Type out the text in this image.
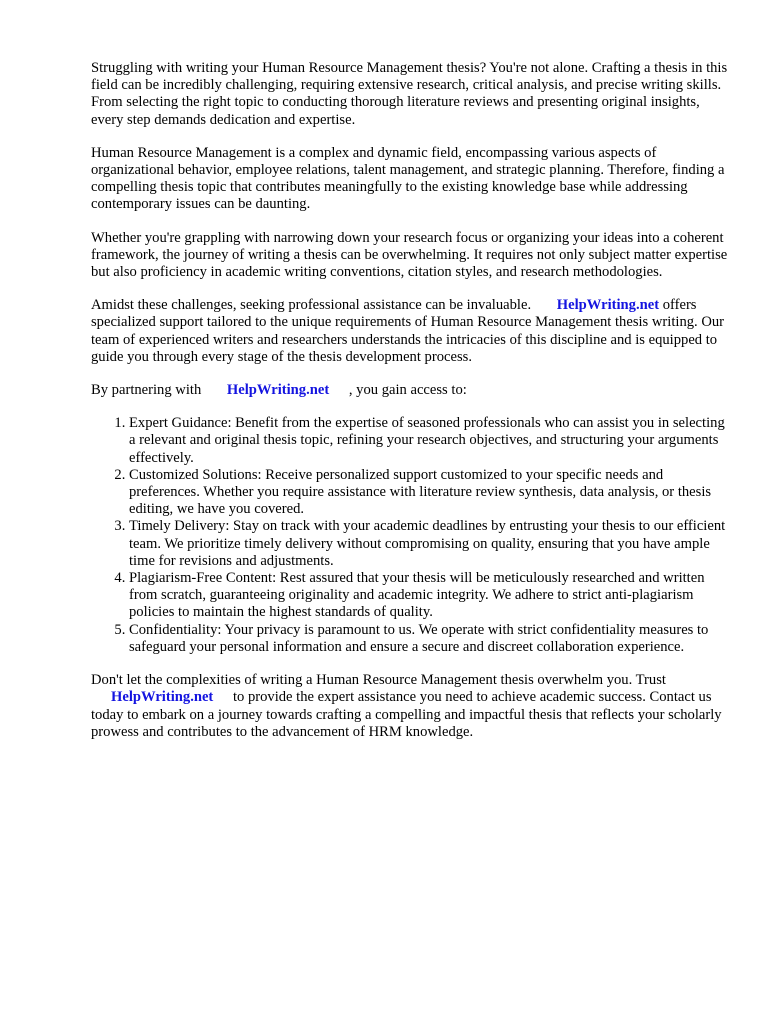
Struggling with writing your Human Resource Management thesis? You're not alone. Crafting a thesis in this field can be incredibly challenging, requiring extensive research, critical analysis, and precise writing skills. From selecting the right topic to conducting thorough literature reviews and presenting original insights, every step demands dedication and expertise.

Human Resource Management is a complex and dynamic field, encompassing various aspects of organizational behavior, employee relations, talent management, and strategic planning. Therefore, finding a compelling thesis topic that contributes meaningfully to the existing knowledge base while addressing contemporary issues can be daunting.

Whether you're grappling with narrowing down your research focus or organizing your ideas into a coherent framework, the journey of writing a thesis can be overwhelming. It requires not only subject matter expertise but also proficiency in academic writing conventions, citation styles, and research methodologies.

Amidst these challenges, seeking professional assistance can be invaluable. HelpWriting.net offers specialized support tailored to the unique requirements of Human Resource Management thesis writing. Our team of experienced writers and researchers understands the intricacies of this discipline and is equipped to guide you through every stage of the thesis development process.

By partnering with HelpWriting.net , you gain access to:

1. Expert Guidance: Benefit from the expertise of seasoned professionals who can assist you in selecting a relevant and original thesis topic, refining your research objectives, and structuring your arguments effectively.
2. Customized Solutions: Receive personalized support customized to your specific needs and preferences. Whether you require assistance with literature review synthesis, data analysis, or thesis editing, we have you covered.
3. Timely Delivery: Stay on track with your academic deadlines by entrusting your thesis to our efficient team. We prioritize timely delivery without compromising on quality, ensuring that you have ample time for revisions and adjustments.
4. Plagiarism-Free Content: Rest assured that your thesis will be meticulously researched and written from scratch, guaranteeing originality and academic integrity. We adhere to strict anti-plagiarism policies to maintain the highest standards of quality.
5. Confidentiality: Your privacy is paramount to us. We operate with strict confidentiality measures to safeguard your personal information and ensure a secure and discreet collaboration experience.

Don't let the complexities of writing a Human Resource Management thesis overwhelm you. Trust HelpWriting.net to provide the expert assistance you need to achieve academic success. Contact us today to embark on a journey towards crafting a compelling and impactful thesis that reflects your scholarly prowess and contributes to the advancement of HRM knowledge.
